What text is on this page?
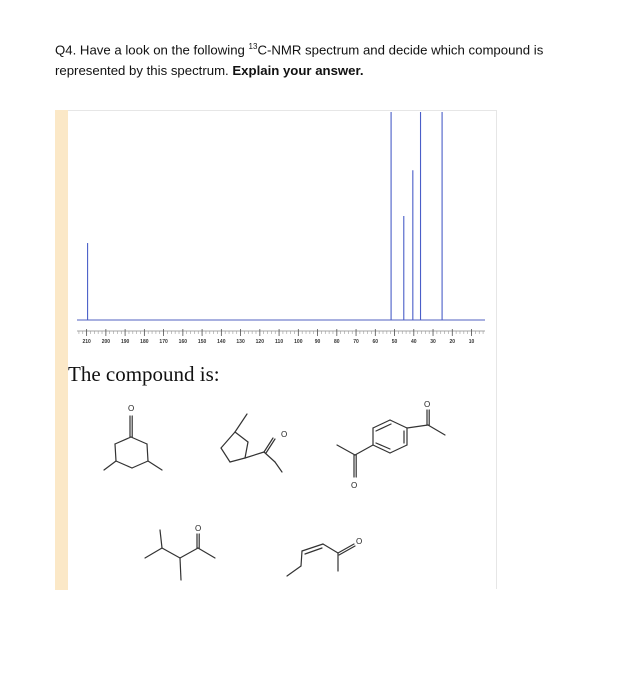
Q4. Have a look on the following $^{13}$C-NMR spectrum and decide which compound is represented by this spectrum. Explain your answer.
210 200 190 180 170 160 150 140 130 120 110 100 90	80	70	60	50	40	30	20	10
The compound is:
O
O
O
O
O
O
